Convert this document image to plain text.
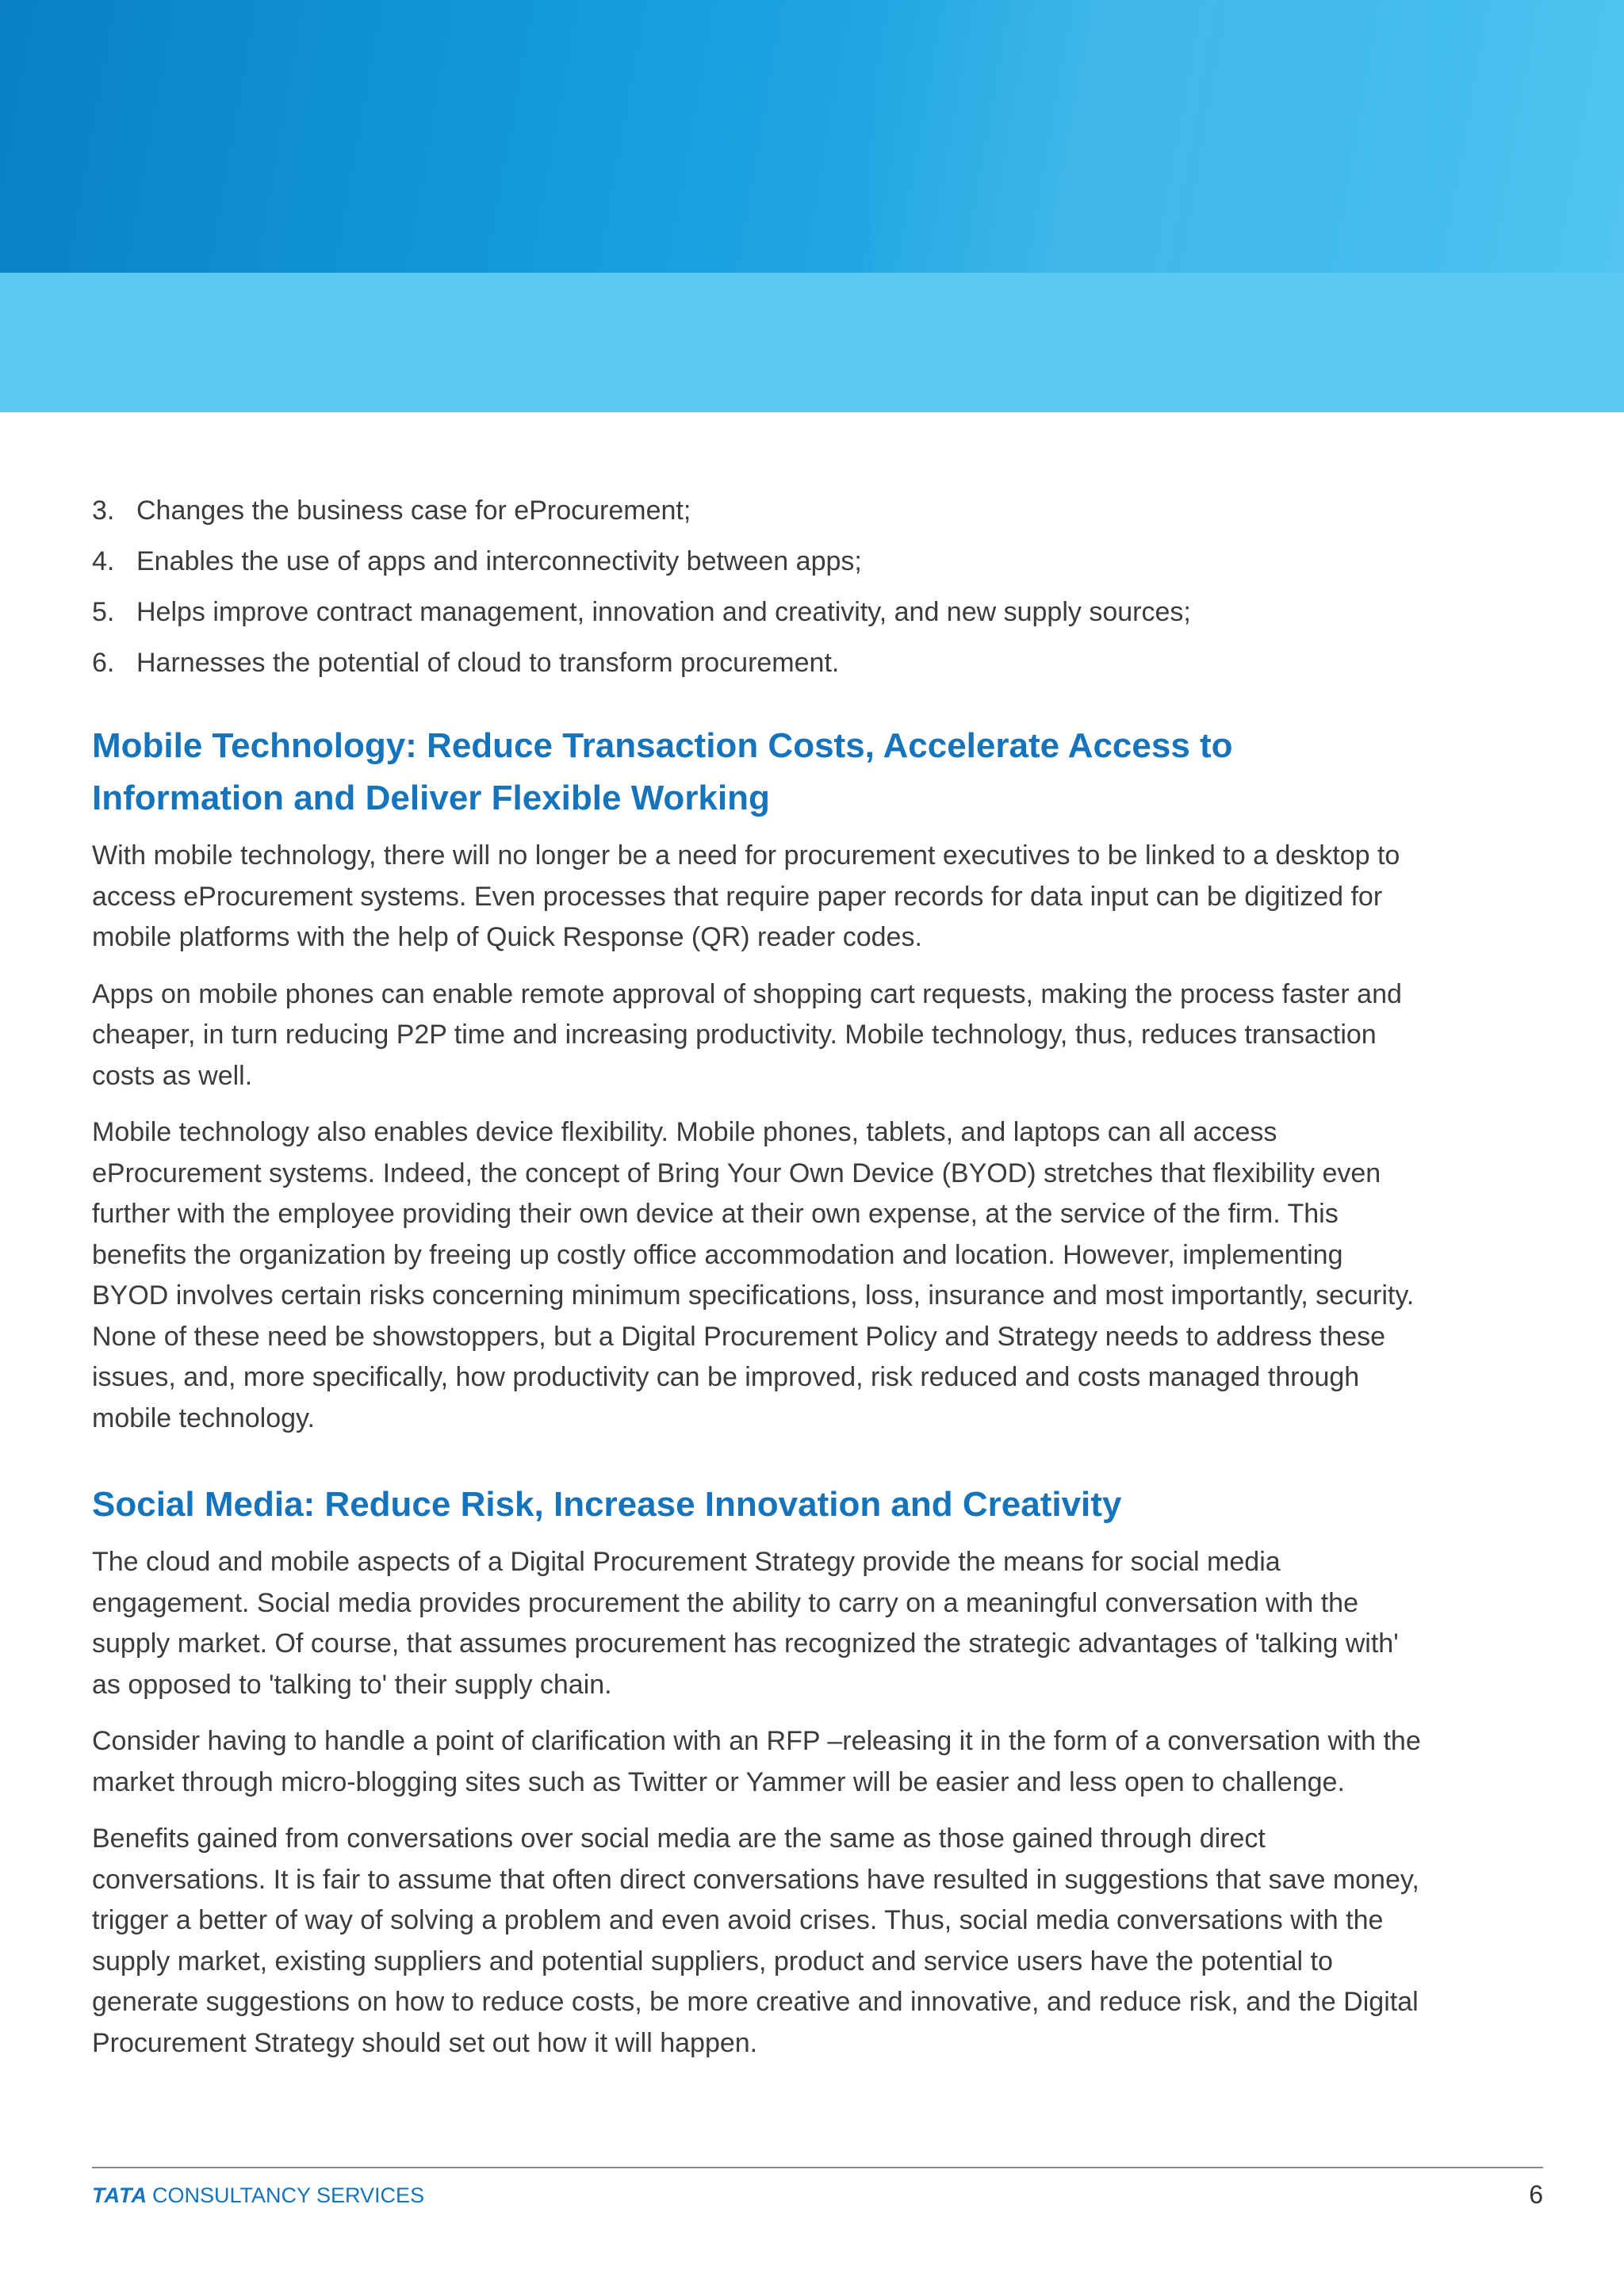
3. Changes the business case for eProcurement;
4. Enables the use of apps and interconnectivity between apps;
5. Helps improve contract management, innovation and creativity, and new supply sources;
6. Harnesses the potential of cloud to transform procurement.
Mobile Technology: Reduce Transaction Costs, Accelerate Access to
Information and Deliver Flexible Working

With mobile technology, there will no longer be a need for procurement executives to be linked to a desktop to access eProcurement systems. Even processes that require paper records for data input can be digitized for mobile platforms with the help of Quick Response (QR) reader codes.

Apps on mobile phones can enable remote approval of shopping cart requests, making the process faster and cheaper, in turn reducing P2P time and increasing productivity. Mobile technology, thus, reduces transaction costs as well.

Mobile technology also enables device flexibility. Mobile phones, tablets, and laptops can all access eProcurement systems. Indeed, the concept of Bring Your Own Device (BYOD) stretches that flexibility even further with the employee providing their own device at their own expense, at the service of the firm. This benefits the organization by freeing up costly office accommodation and location. However, implementing BYOD involves certain risks concerning minimum specifications, loss, insurance and most importantly, security. None of these need be showstoppers, but a Digital Procurement Policy and Strategy needs to address these issues, and, more specifically, how productivity can be improved, risk reduced and costs managed through mobile technology.

Social Media: Reduce Risk, Increase Innovation and Creativity

The cloud and mobile aspects of a Digital Procurement Strategy provide the means for social media engagement. Social media provides procurement the ability to carry on a meaningful conversation with the supply market. Of course, that assumes procurement has recognized the strategic advantages of 'talking with' as opposed to 'talking to' their supply chain.

Consider having to handle a point of clarification with an RFP –releasing it in the form of a conversation with the market through micro-blogging sites such as Twitter or Yammer will be easier and less open to challenge.

Benefits gained from conversations over social media are the same as those gained through direct conversations. It is fair to assume that often direct conversations have resulted in suggestions that save money, trigger a better of way of solving a problem and even avoid crises. Thus, social media conversations with the supply market, existing suppliers and potential suppliers, product and service users have the potential to generate suggestions on how to reduce costs, be more creative and innovative, and reduce risk, and the Digital Procurement Strategy should set out how it will happen.

TATA CONSULTANCY SERVICES	6
